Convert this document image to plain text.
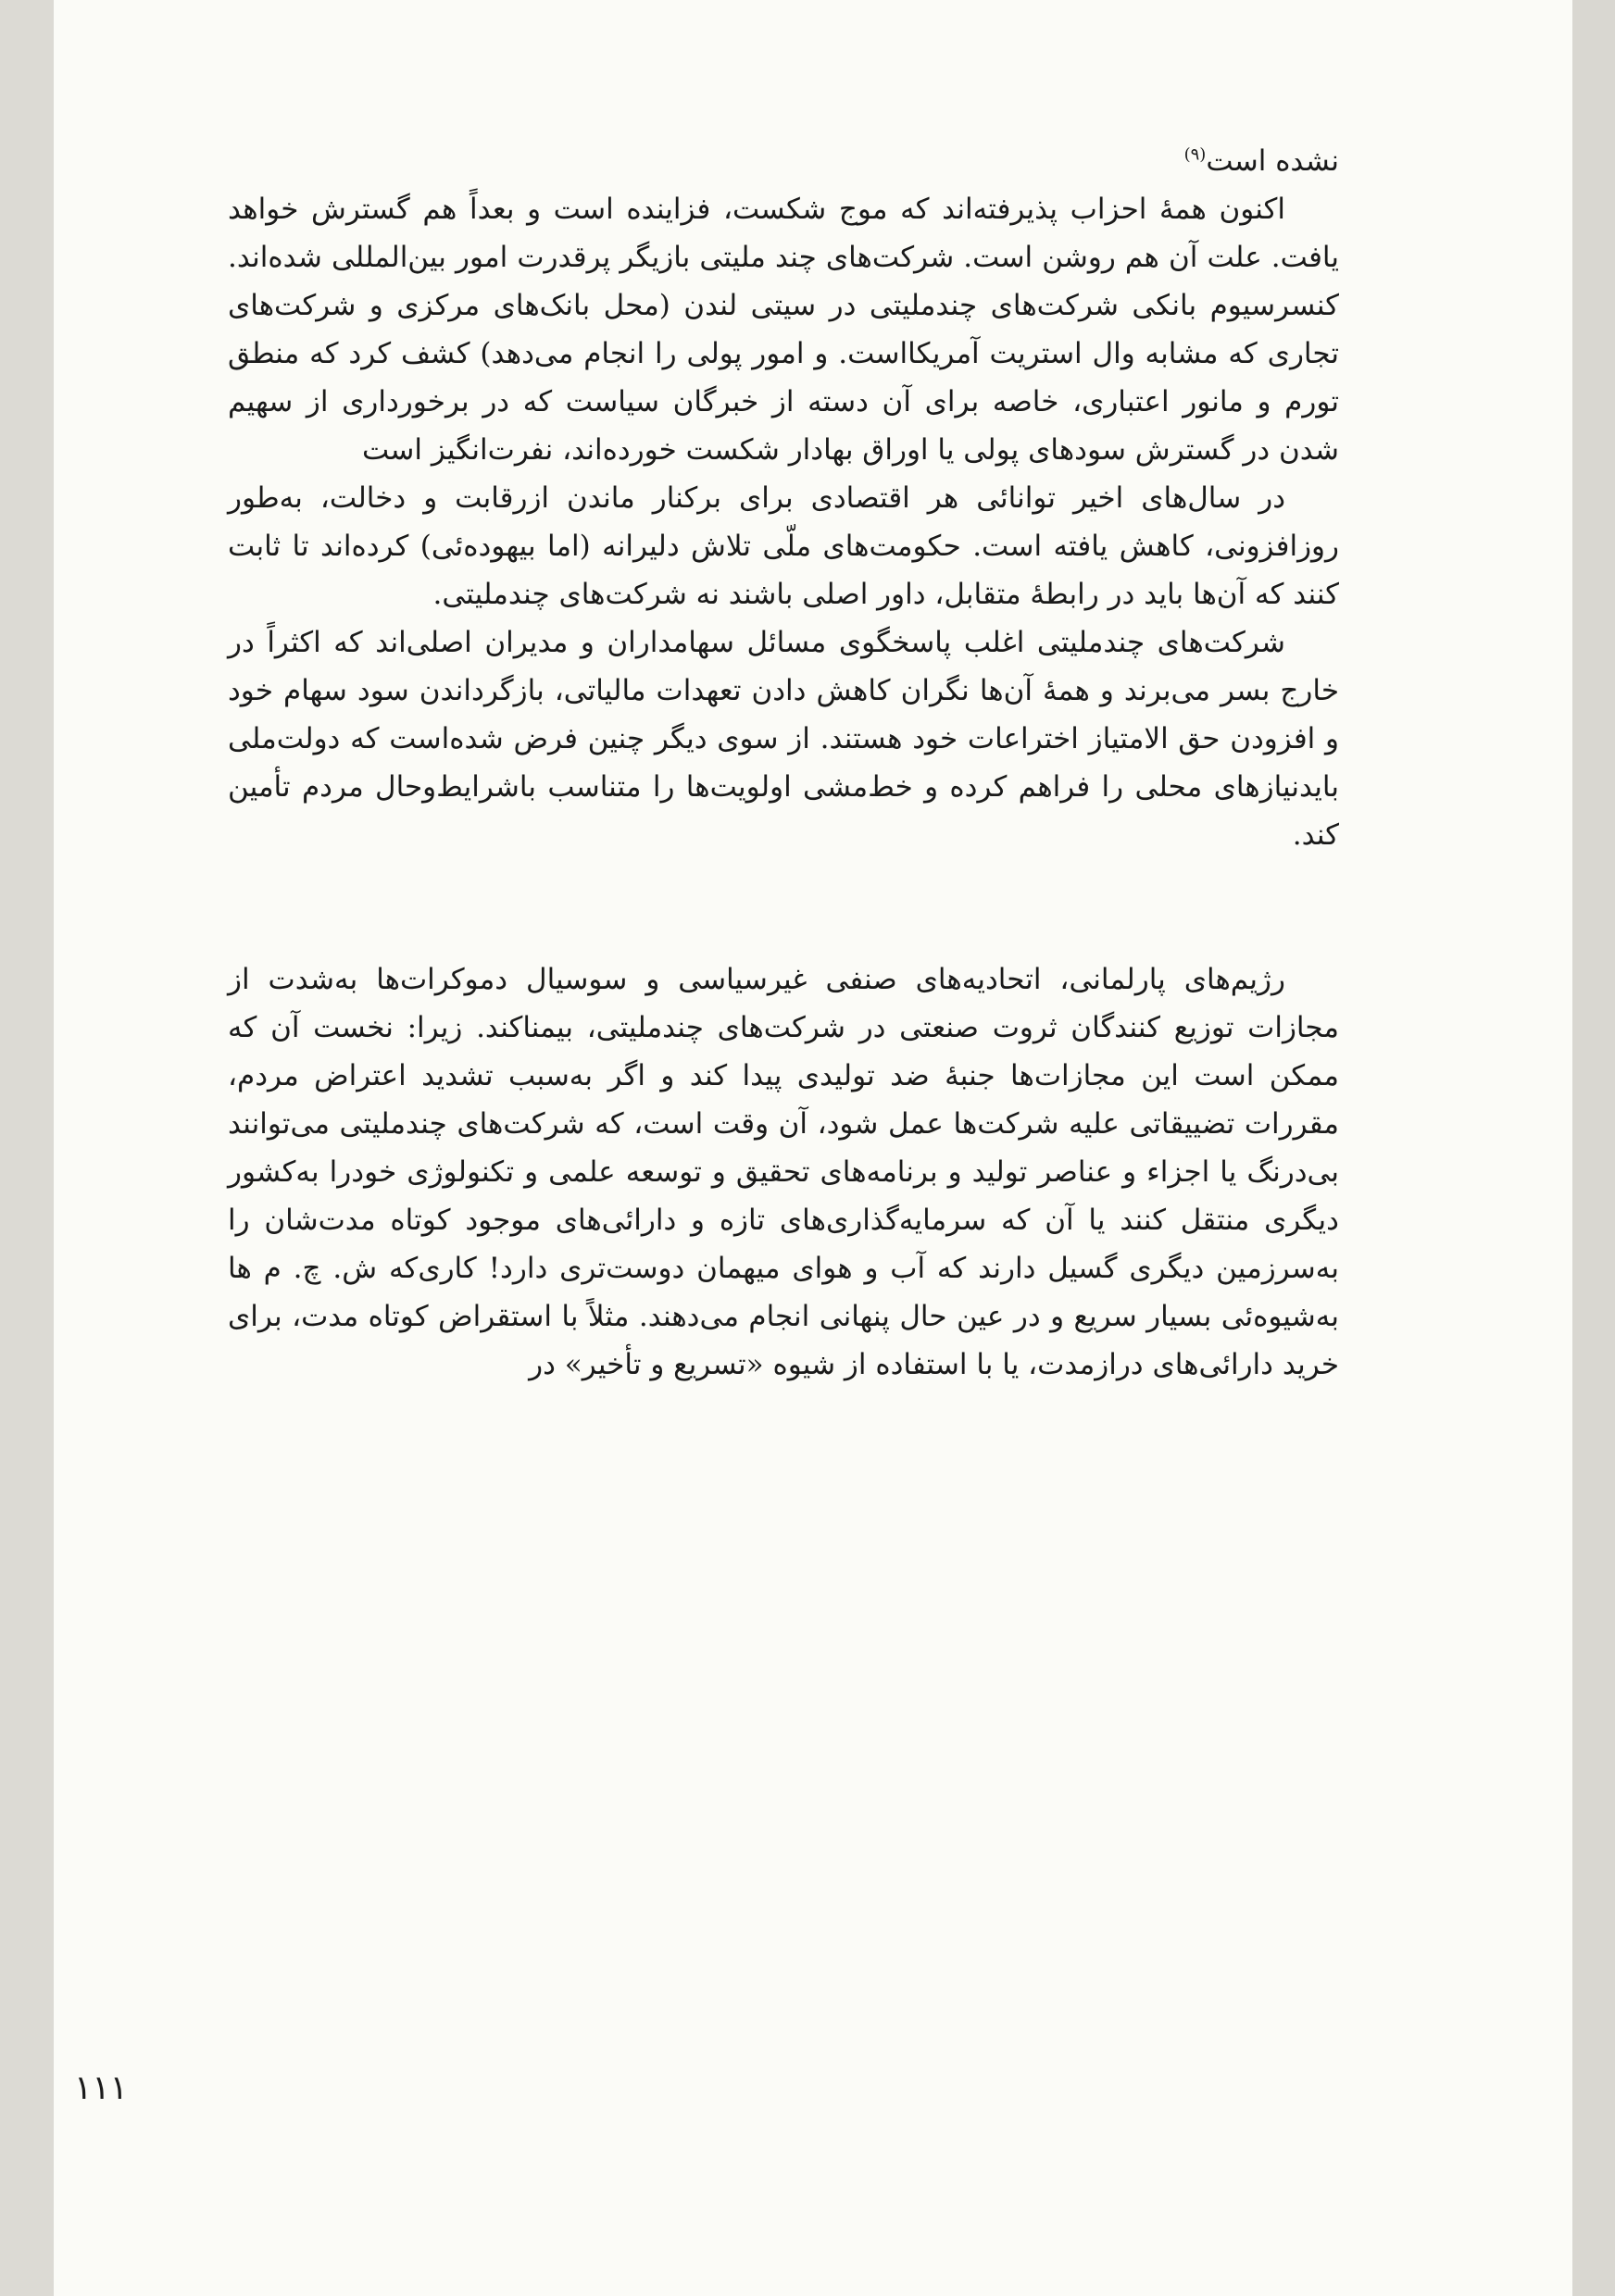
نشده است$^{(۹)}$

اکنون همهٔ احزاب پذیرفته‌اند که موج شکست، فزاینده است و بعداً هم گسترش خواهد یافت. علت آن هم روشن است. شرکت‌های چند ملیتی بازیگر پرقدرت امور بین‌المللی شده‌اند. کنسرسیوم بانکی شرکت‌های چندملیتی در سیتی لندن (محل بانک‌های مرکزی و شرکت‌های تجاری که مشابه وال استریت آمریکااست. و امور پولی را انجام می‌دهد) کشف کرد که منطق تورم و مانور اعتباری، خاصه برای آن دسته از خبرگان سیاست که در برخورداری از سهیم شدن در گسترش سودهای پولی یا اوراق بهادار شکست خورده‌اند، نفرت‌انگیز است

در سال‌های اخیر توانائی هر اقتصادی برای برکنار ماندن ازرقابت و دخالت، به‌طور روزافزونی، کاهش یافته است. حکومت‌های ملّی تلاش دلیرانه (اما بیهوده‌ئی) کرده‌اند تا ثابت کنند که آن‌ها باید در رابطهٔ متقابل، داور اصلی باشند نه شرکت‌های چندملیتی.

شرکت‌های چندملیتی اغلب پاسخگوی مسائل سهامداران و مدیران اصلی‌اند که اکثراً در خارج بسر می‌برند و همهٔ آن‌ها نگران کاهش دادن تعهدات مالیاتی، بازگرداندن سود سهام خود و افزودن حق الامتیاز اختراعات خود هستند. از سوی دیگر چنین فرض شده‌است که دولت‌ملی بایدنیازهای محلی را فراهم کرده و خط‌مشی اولویت‌ها را متناسب باشرایط‌وحال مردم تأمین کند.

رژیم‌های پارلمانی، اتحادیه‌های صنفی غیرسیاسی و سوسیال دموکرات‌ها به‌شدت از مجازات توزیع کنندگان ثروت صنعتی در شرکت‌های چندملیتی، بیمناکند. زیرا: نخست آن که ممکن است این مجازات‌ها جنبهٔ ضد تولیدی پیدا کند و اگر به‌سبب تشدید اعتراض مردم، مقررات تضییقاتی علیه شرکت‌ها عمل شود، آن وقت است، که شرکت‌های چندملیتی می‌توانند بی‌درنگ یا اجزاء و عناصر تولید و برنامه‌های تحقیق و توسعه علمی و تکنولوژی خودرا به‌کشور دیگری منتقل کنند یا آن که سرمایه‌گذاری‌های تازه و دارائی‌های موجود کوتاه مدت‌شان را به‌سرزمین دیگری گسیل دارند که آب و هوای میهمان دوست‌تری دارد! کاری‌که ش. چ. م ها به‌شیوه‌ئی بسیار سریع و در عین حال پنهانی انجام می‌دهند. مثلاً با استقراض کوتاه مدت، برای خرید دارائی‌های درازمدت، یا با استفاده از شیوه «تسریع و تأخیر» در

۱۱۱
